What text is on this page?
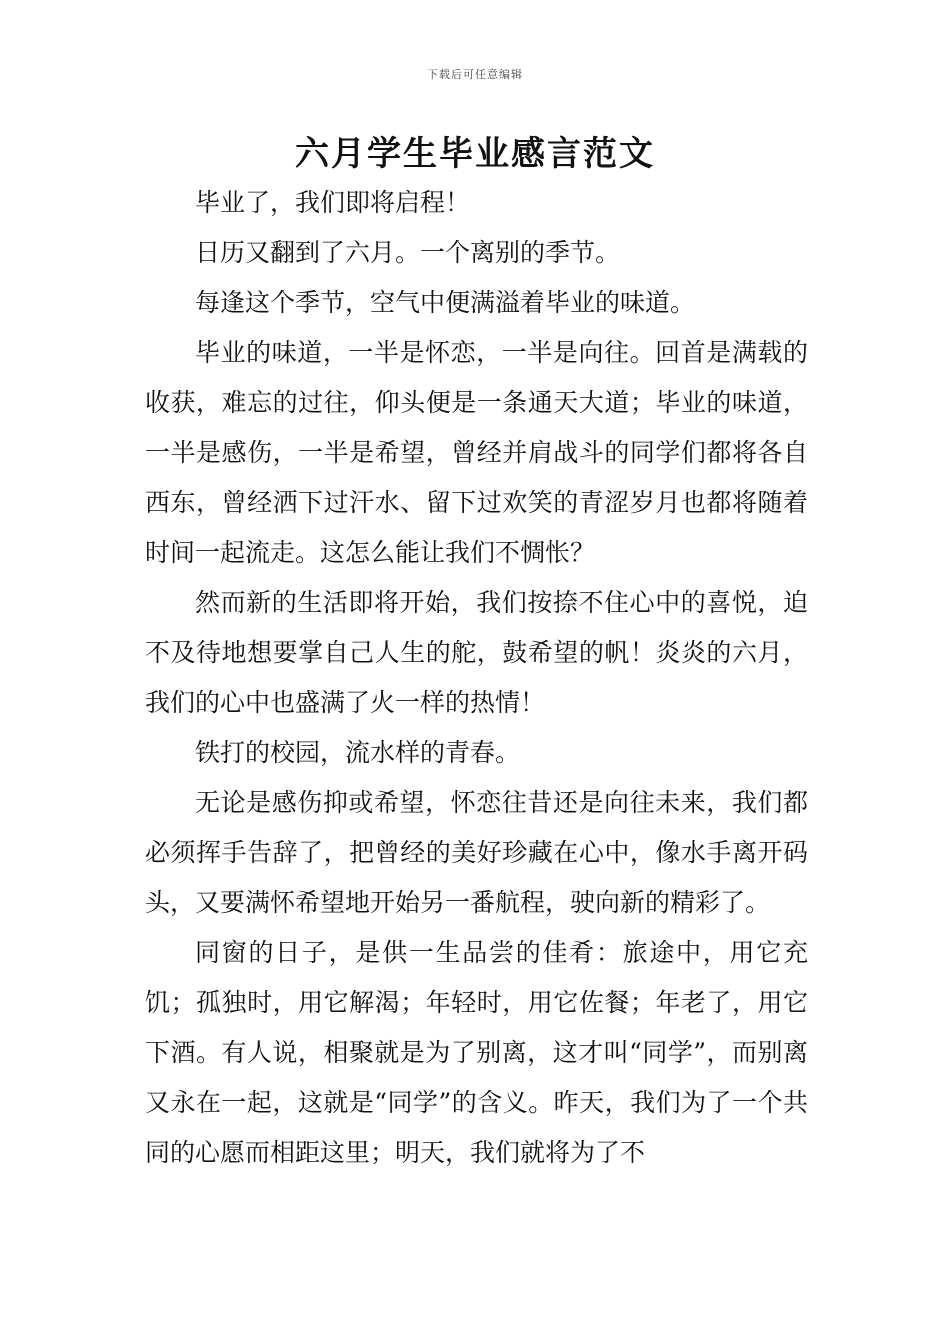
下载后可任意编辑
六月学生毕业感言范文

毕业了，我们即将启程！

日历又翻到了六月。一个离别的季节。

每逢这个季节，空气中便满溢着毕业的味道。

毕业的味道，一半是怀恋，一半是向往。回首是满载的收获，难忘的过往，仰头便是一条通天大道；毕业的味道，一半是感伤，一半是希望，曾经并肩战斗的同学们都将各自西东，曾经洒下过汗水、留下过欢笑的青涩岁月也都将随着时间一起流走。这怎么能让我们不惆怅？

然而新的生活即将开始，我们按捺不住心中的喜悦，迫不及待地想要掌自己人生的舵，鼓希望的帆！炎炎的六月，我们的心中也盛满了火一样的热情！

铁打的校园，流水样的青春。

无论是感伤抑或希望，怀恋往昔还是向往未来，我们都必须挥手告辞了，把曾经的美好珍藏在心中，像水手离开码头，又要满怀希望地开始另一番航程，驶向新的精彩了。

同窗的日子，是供一生品尝的佳肴：旅途中，用它充饥；孤独时，用它解渴；年轻时，用它佐餐；年老了，用它下酒。有人说，相聚就是为了别离，这才叫“同学”，而别离又永在一起，这就是“同学”的含义。昨天，我们为了一个共同的心愿而相距这里；明天，我们就将为了不
